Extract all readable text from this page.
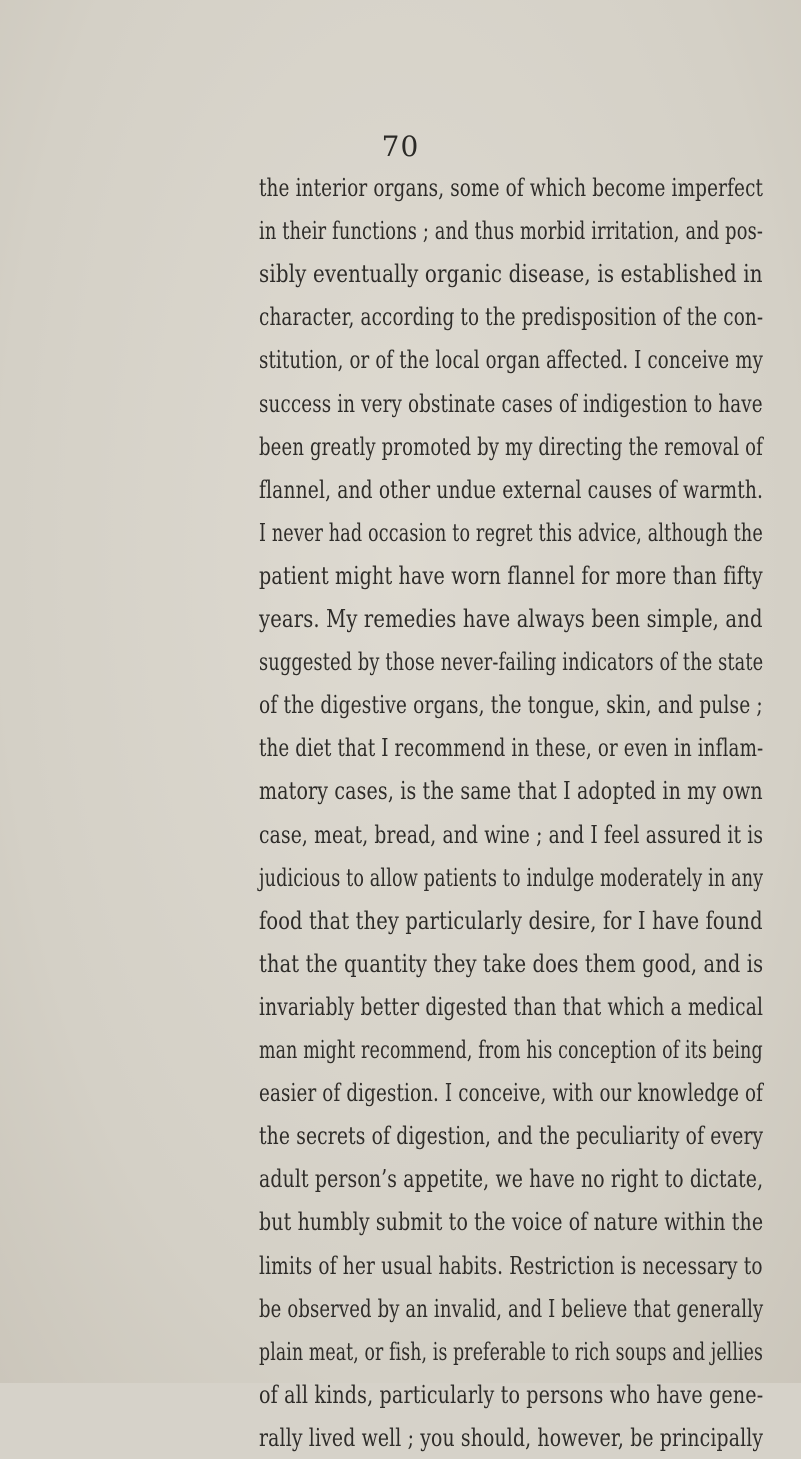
70
the interior organs, some of which become imperfect
in their functions ; and thus morbid irritation, and pos-
sibly eventually organic disease, is established in
character, according to the predisposition of the con-
stitution, or of the local organ affected. I conceive my
success in very obstinate cases of indigestion to have
been greatly promoted by my directing the removal of
flannel, and other undue external causes of warmth.
I never had occasion to regret this advice, although the
patient might have worn flannel for more than fifty
years. My remedies have always been simple, and
suggested by those never-failing indicators of the state
of the digestive organs, the tongue, skin, and pulse ;
the diet that I recommend in these, or even in inflam-
matory cases, is the same that I adopted in my own
case, meat, bread, and wine ; and I feel assured it is
judicious to allow patients to indulge moderately in any
food that they particularly desire, for I have found
that the quantity they take does them good, and is
invariably better digested than that which a medical
man might recommend, from his conception of its being
easier of digestion. I conceive, with our knowledge of
the secrets of digestion, and the peculiarity of every
adult person’s appetite, we have no right to dictate,
but humbly submit to the voice of nature within the
limits of her usual habits. Restriction is necessary to
be observed by an invalid, and I believe that generally
plain meat, or fish, is preferable to rich soups and jellies
of all kinds, particularly to persons who have gene-
rally lived well ; you should, however, be principally
